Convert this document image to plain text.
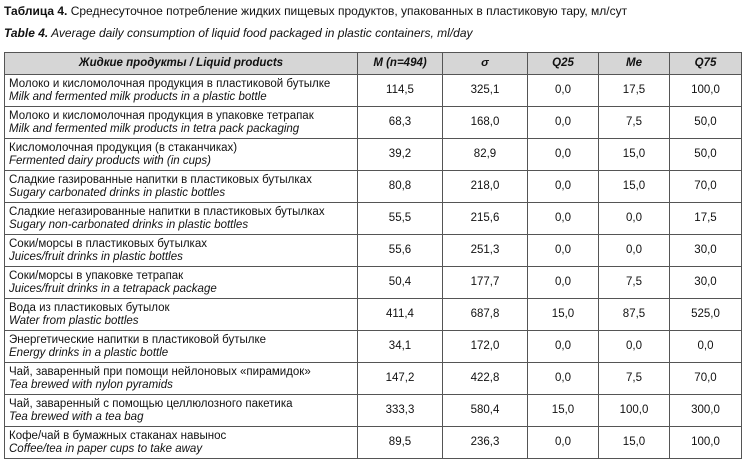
Таблица 4. Среднесуточное потребление жидких пищевых продуктов, упакованных в пластиковую тару, мл/сут
Table 4. Average daily consumption of liquid food packaged in plastic containers, ml/day
Жидкие продукты / Liquid products	M (n=494)	σ	Q25	Me	Q75

Молоко и кисломолочная продукция в пластиковой бутылке
Milk and fermented milk products in a plastic bottle	114,5	325,1	0,0	17,5	100,0

Молоко и кисломолочная продукция в упаковке тетрапак
Milk and fermented milk products in tetra pack packaging	68,3	168,0	0,0	7,5	50,0

Кисломолочная продукция (в стаканчиках)
Fermented dairy products with (in cups)	39,2	82,9	0,0	15,0	50,0

Сладкие газированные напитки в пластиковых бутылках
Sugary carbonated drinks in plastic bottles	80,8	218,0	0,0	15,0	70,0

Сладкие негазированные напитки в пластиковых бутылках
Sugary non-carbonated drinks in plastic bottles	55,5	215,6	0,0	0,0	17,5

Соки/морсы в пластиковых бутылках
Juices/fruit drinks in plastic bottles	55,6	251,3	0,0	0,0	30,0

Соки/морсы в упаковке тетрапак
Juices/fruit drinks in a tetrapack package	50,4	177,7	0,0	7,5	30,0

Вода из пластиковых бутылок
Water from plastic bottles	411,4	687,8	15,0	87,5	525,0

Энергетические напитки в пластиковой бутылке
Energy drinks in a plastic bottle	34,1	172,0	0,0	0,0	0,0

Чай, заваренный при помощи нейлоновых «пирамидок»
Tea brewed with nylon pyramids	147,2	422,8	0,0	7,5	70,0

Чай, заваренный с помощью целлюлозного пакетика
Tea brewed with a tea bag	333,3	580,4	15,0	100,0	300,0

Кофе/чай в бумажных стаканах навынос
Coffee/tea in paper cups to take away	89,5	236,3	0,0	15,0	100,0
